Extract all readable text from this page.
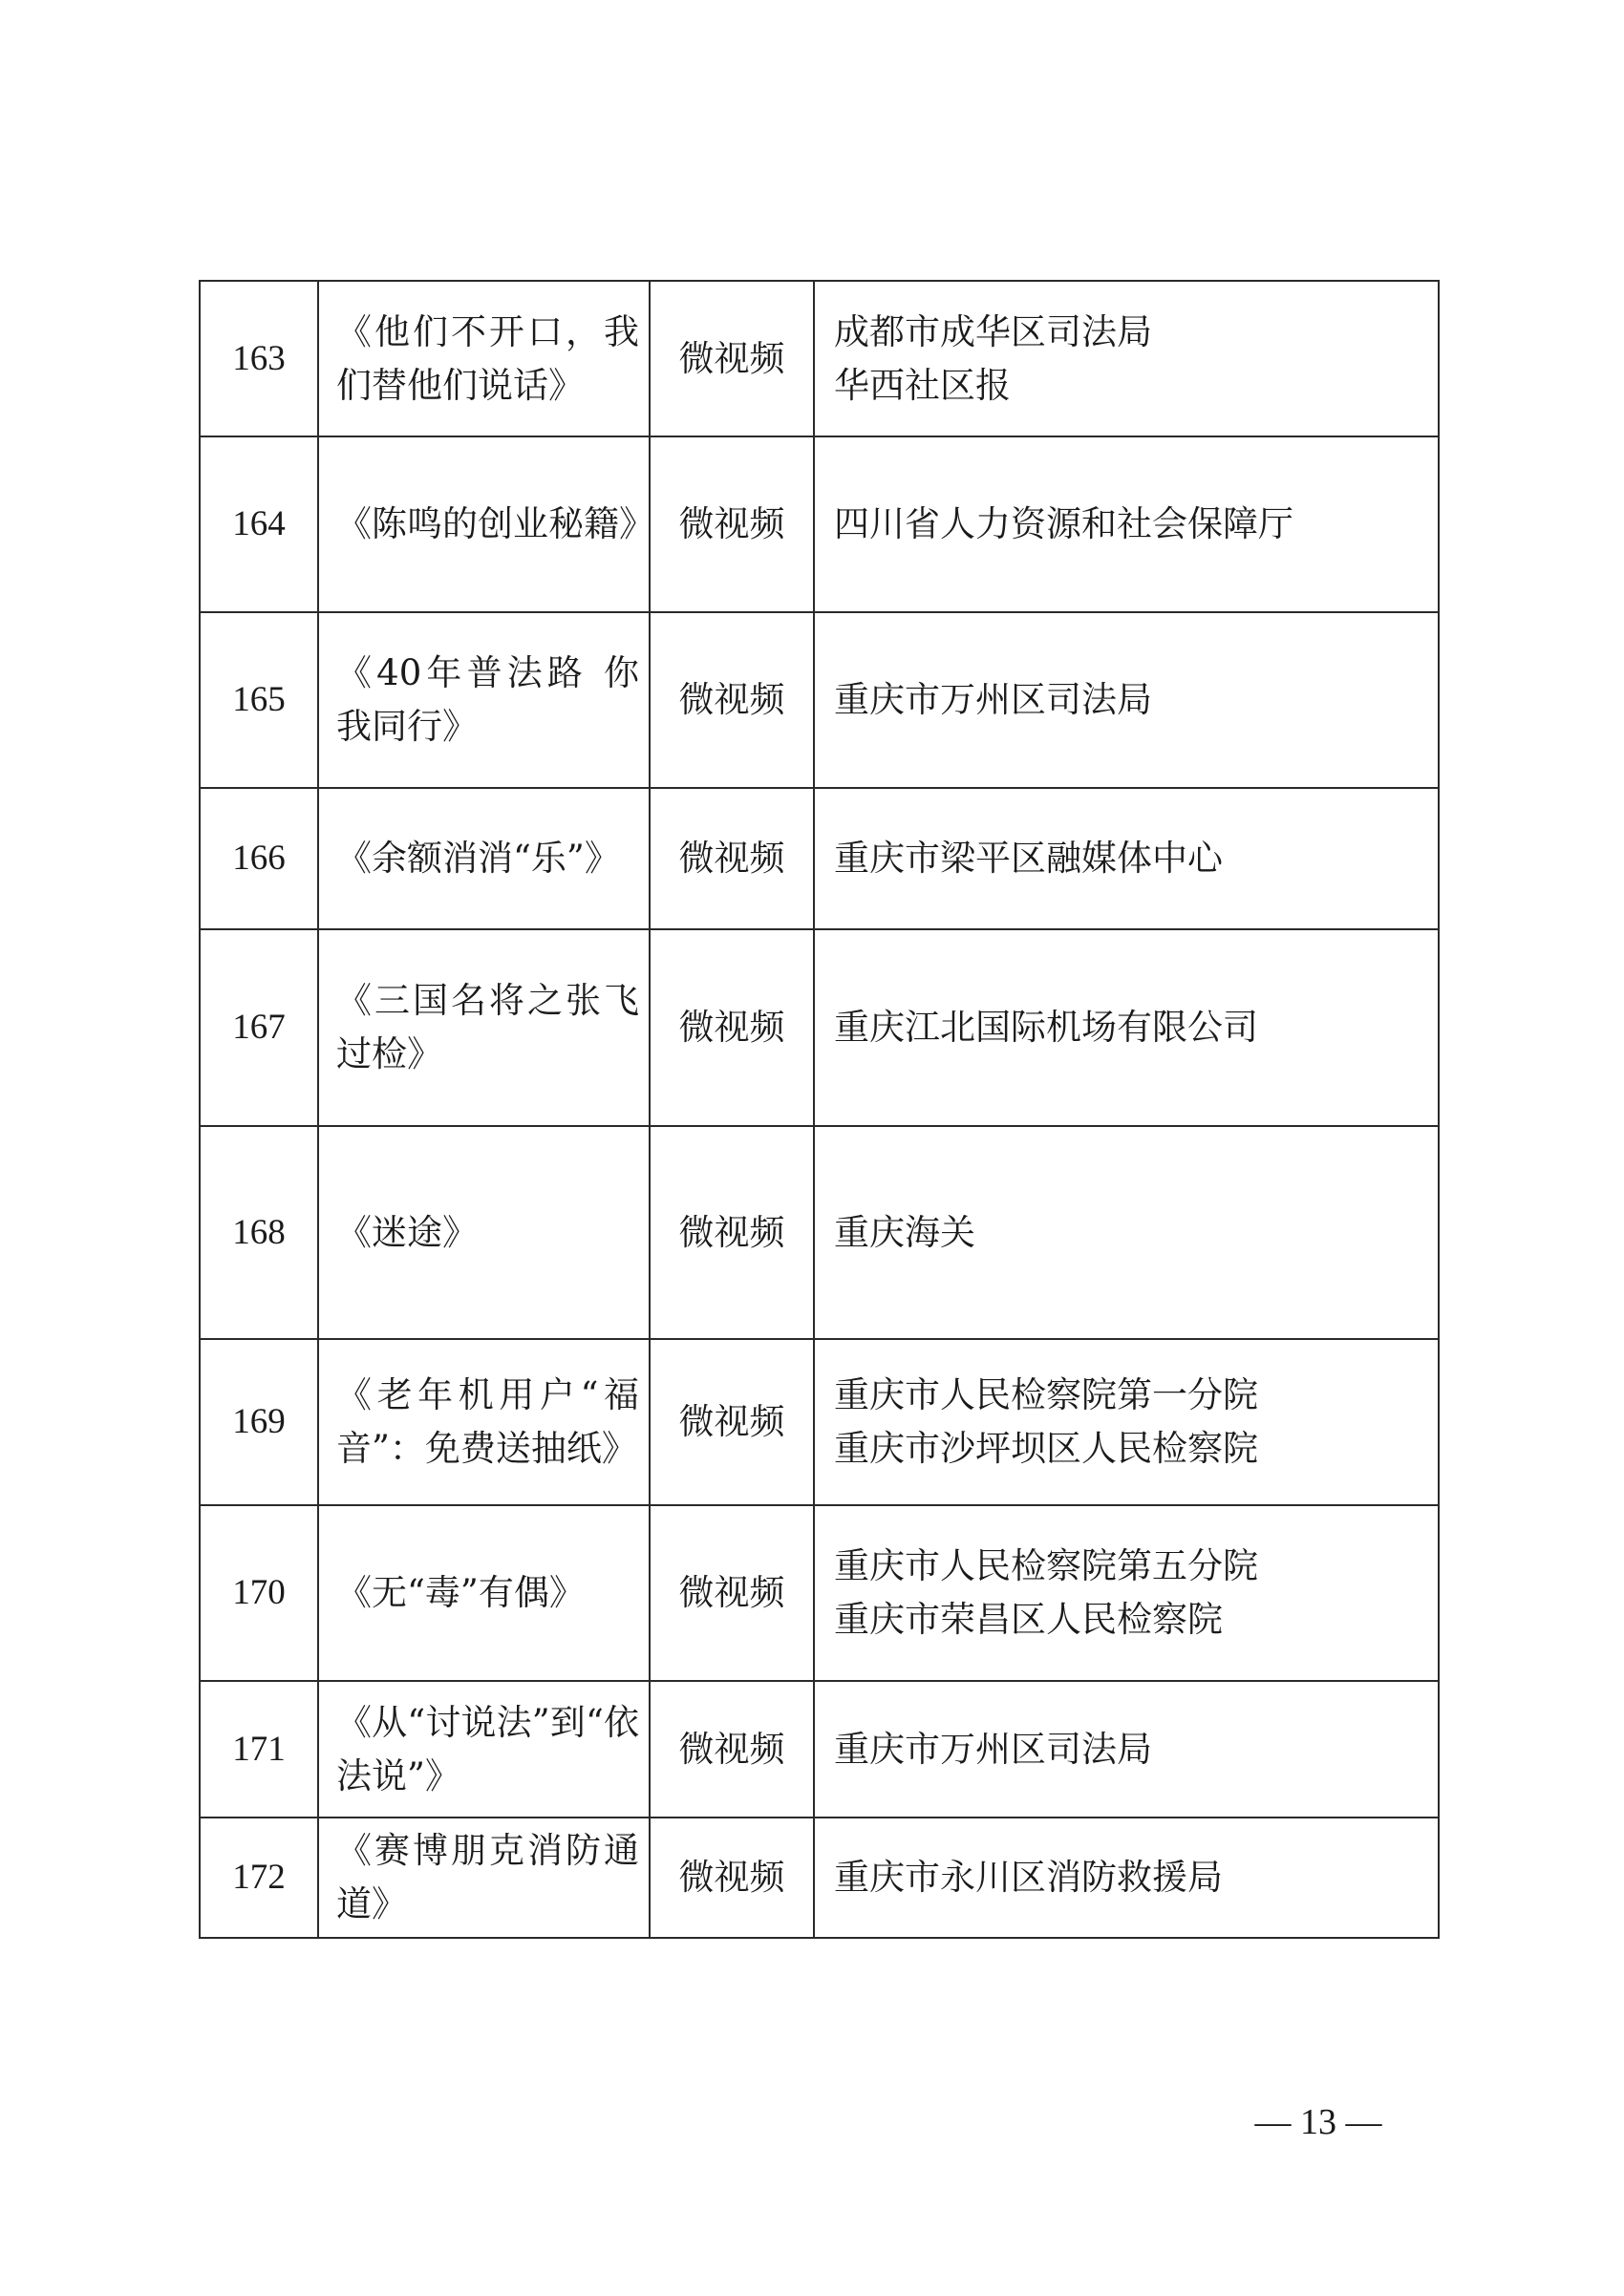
163	《他们不开口，我们替他们说话》	微视频	成都市成华区司法局
华西社区报

164	《陈鸣的创业秘籍》	微视频	四川省人力资源和社会保障厅

165	《40年普法路 你我同行》	微视频	重庆市万州区司法局

166	《余额消消“乐”》	微视频	重庆市梁平区融媒体中心

167	《三国名将之张飞过检》	微视频	重庆江北国际机场有限公司

168	《迷途》	微视频	重庆海关

169	《老年机用户“福音”：免费送抽纸》	微视频	重庆市人民检察院第一分院
重庆市沙坪坝区人民检察院

170	《无“毒”有偶》	微视频	重庆市人民检察院第五分院
重庆市荣昌区人民检察院

171	《从“讨说法”到“依法说”》	微视频	重庆市万州区司法局

172	《赛博朋克消防通道》	微视频	重庆市永川区消防救援局
— 13 —
